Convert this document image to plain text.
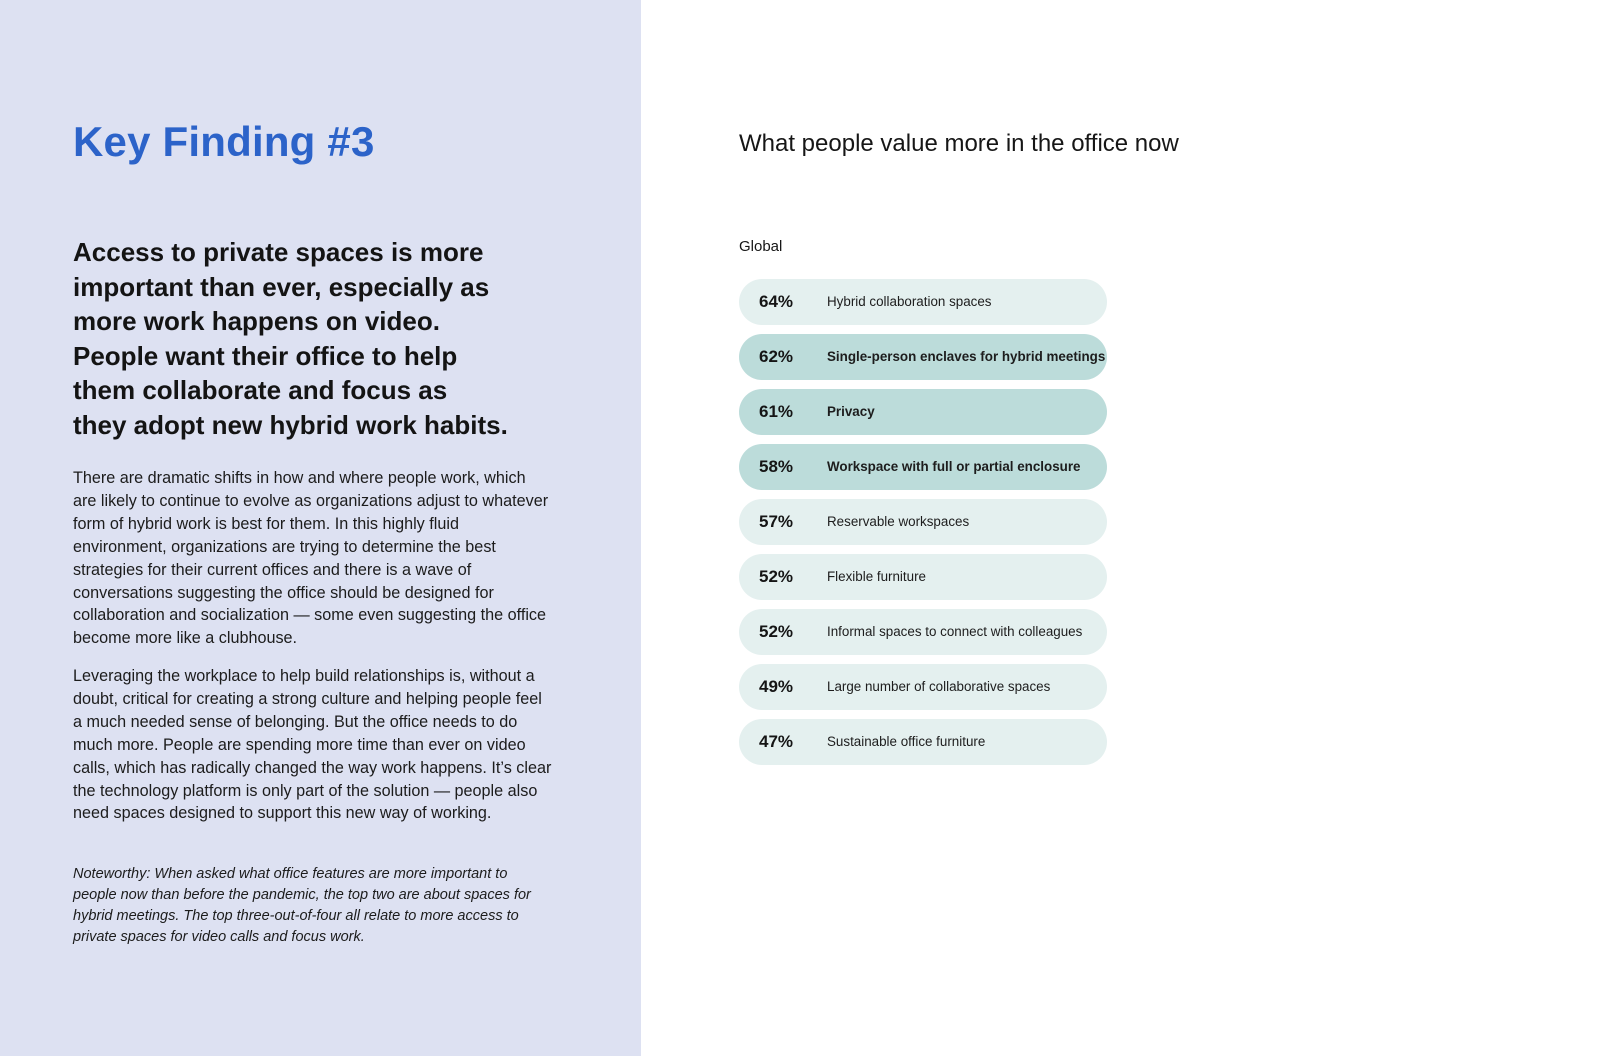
Key Finding #3

Access to private spaces is more
important than ever, especially as
more work happens on video.
People want their office to help
them collaborate and focus as
they adopt new hybrid work habits.

There are dramatic shifts in how and where people work, which are likely to continue to evolve as organizations adjust to whatever form of hybrid work is best for them. In this highly fluid environment, organizations are trying to determine the best strategies for their current offices and there is a wave of conversations suggesting the office should be designed for collaboration and socialization — some even suggesting the office become more like a clubhouse.

Leveraging the workplace to help build relationships is, without a doubt, critical for creating a strong culture and helping people feel a much needed sense of belonging. But the office needs to do much more. People are spending more time than ever on video calls, which has radically changed the way work happens. It’s clear the technology platform is only part of the solution — people also need spaces designed to support this new way of working.

Noteworthy: When asked what office features are more important to people now than before the pandemic, the top two are about spaces for hybrid meetings. The top three-out-of-four all relate to more access to private spaces for video calls and focus work.

What people value more in the office now
Global
64%	Hybrid collaboration spaces
62%	Single-person enclaves for hybrid meetings
61%	Privacy
58%	Workspace with full or partial enclosure
57%	Reservable workspaces
52%	Flexible furniture
52%	Informal spaces to connect with colleagues
49%	Large number of collaborative spaces
47%	Sustainable office furniture
